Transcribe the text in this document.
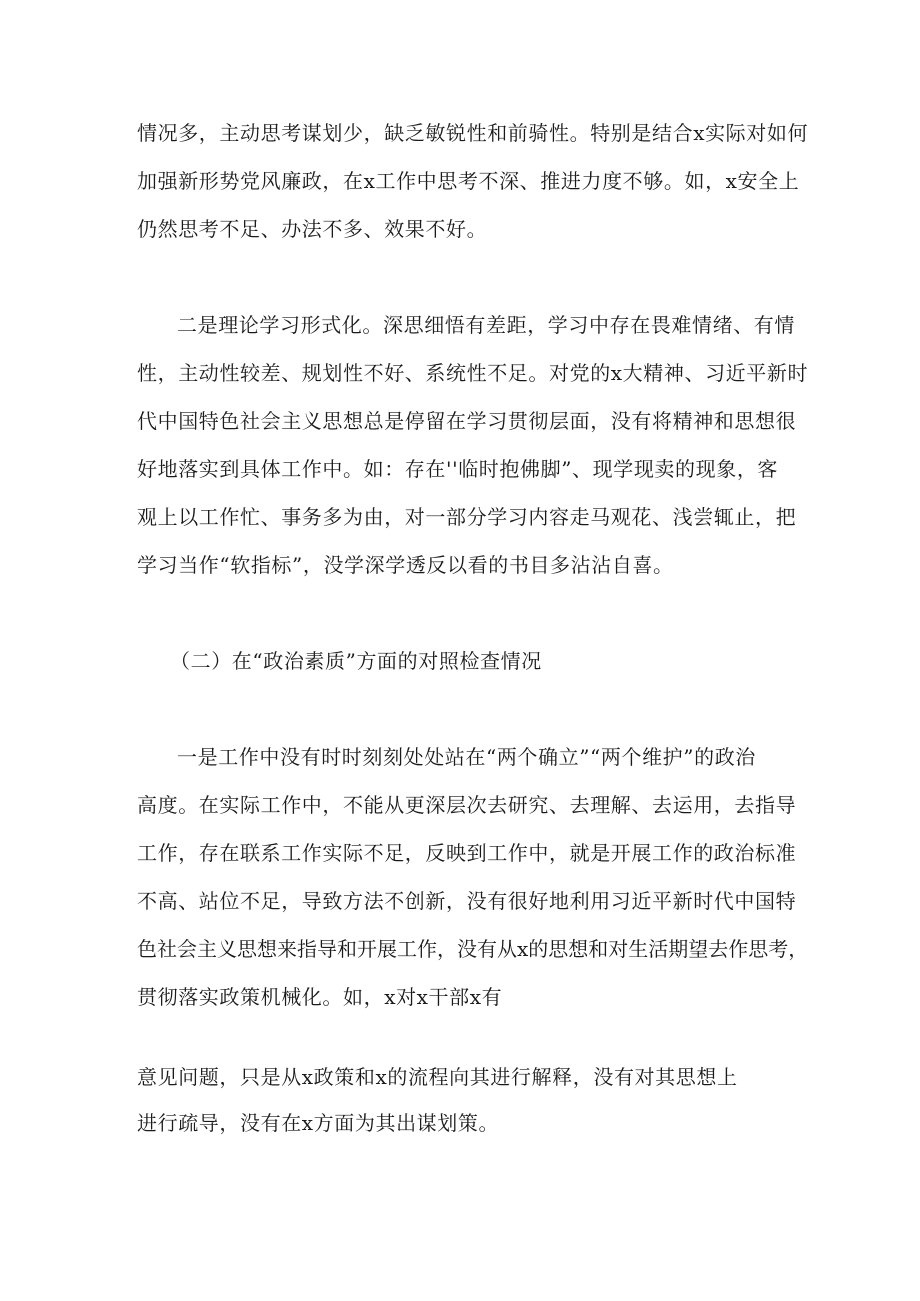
情况多，主动思考谋划少，缺乏敏锐性和前骑性。特别是结合x实际对如何

加强新形势党风廉政，在x工作中思考不深、推进力度不够。如，x安全上

仍然思考不足、办法不多、效果不好。

二是理论学习形式化。深思细悟有差距，学习中存在畏难情绪、有情

性，主动性较差、规划性不好、系统性不足。对党的x大精神、习近平新时

代中国特色社会主义思想总是停留在学习贯彻层面，没有将精神和思想很

好地落实到具体工作中。如：存在''临时抱佛脚”、现学现卖的现象，客

观上以工作忙、事务多为由，对一部分学习内容走马观花、浅尝辄止，把

学习当作“软指标”，没学深学透反以看的书目多沾沾自喜。

（二）在“政治素质”方面的对照检查情况

一是工作中没有时时刻刻处处站在“两个确立”“两个维护”的政治

高度。在实际工作中，不能从更深层次去研究、去理解、去运用，去指导

工作，存在联系工作实际不足，反映到工作中，就是开展工作的政治标准

不高、站位不足，导致方法不创新，没有很好地利用习近平新时代中国特

色社会主义思想来指导和开展工作，没有从x的思想和对生活期望去作思考，

贯彻落实政策机械化。如，x对x干部x有

意见问题，只是从x政策和x的流程向其进行解释，没有对其思想上

进行疏导，没有在x方面为其出谋划策。
